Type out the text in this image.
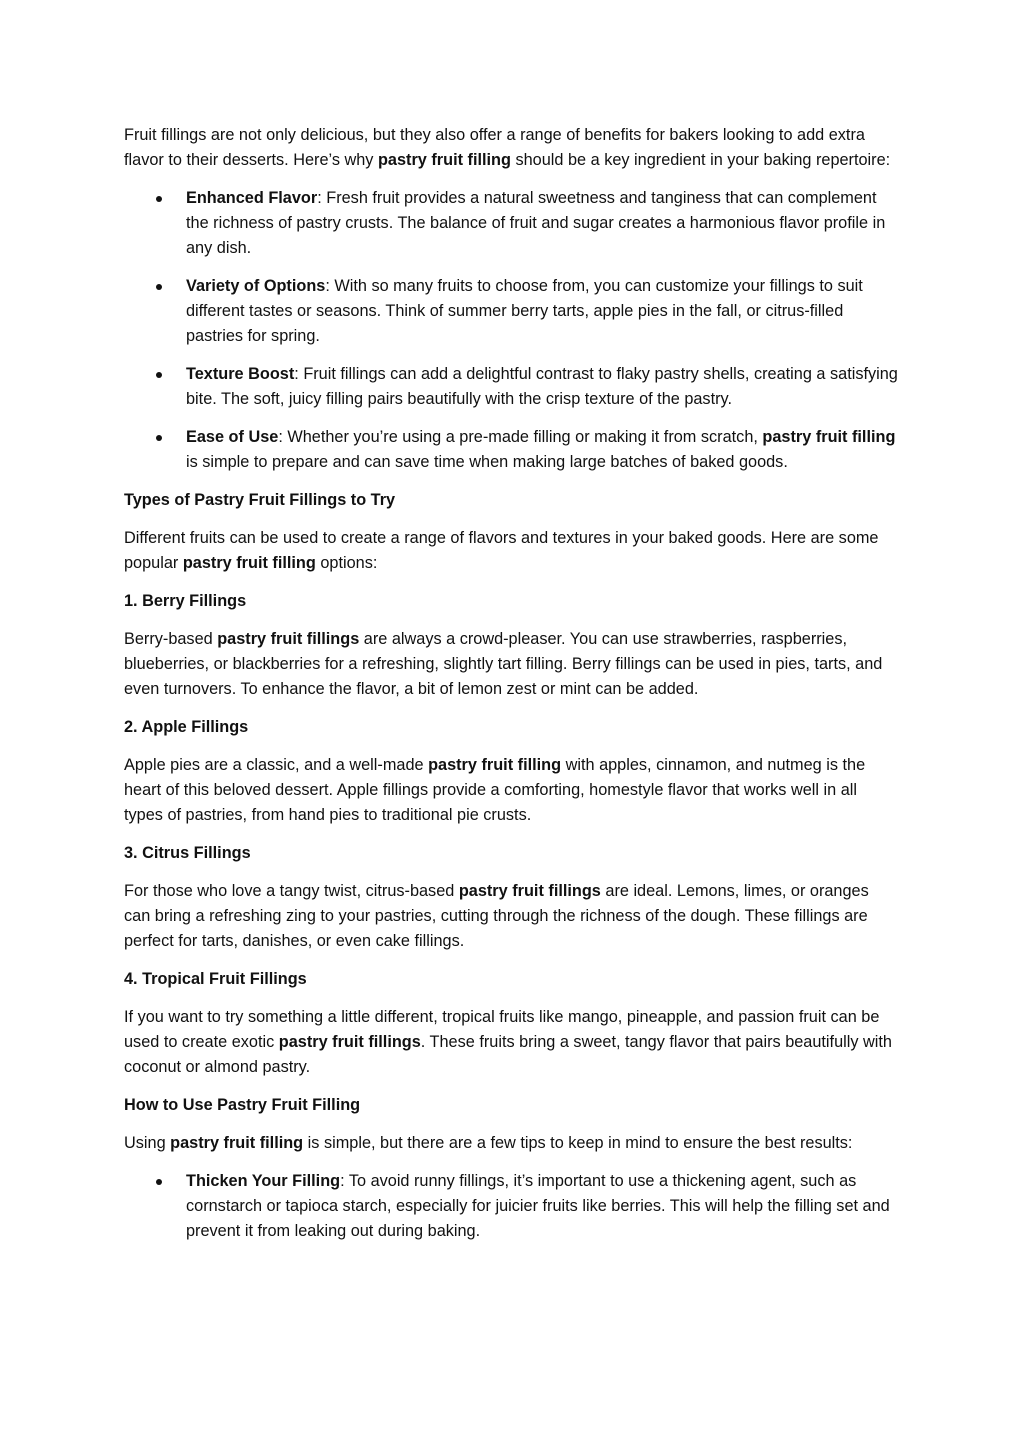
Fruit fillings are not only delicious, but they also offer a range of benefits for bakers looking to add extra flavor to their desserts. Here’s why pastry fruit filling should be a key ingredient in your baking repertoire:

Enhanced Flavor: Fresh fruit provides a natural sweetness and tanginess that can complement the richness of pastry crusts. The balance of fruit and sugar creates a harmonious flavor profile in any dish.
Variety of Options: With so many fruits to choose from, you can customize your fillings to suit different tastes or seasons. Think of summer berry tarts, apple pies in the fall, or citrus-filled pastries for spring.
Texture Boost: Fruit fillings can add a delightful contrast to flaky pastry shells, creating a satisfying bite. The soft, juicy filling pairs beautifully with the crisp texture of the pastry.
Ease of Use: Whether you’re using a pre-made filling or making it from scratch, pastry fruit filling is simple to prepare and can save time when making large batches of baked goods.

Types of Pastry Fruit Fillings to Try

Different fruits can be used to create a range of flavors and textures in your baked goods. Here are some popular pastry fruit filling options:

1. Berry Fillings

Berry-based pastry fruit fillings are always a crowd-pleaser. You can use strawberries, raspberries, blueberries, or blackberries for a refreshing, slightly tart filling. Berry fillings can be used in pies, tarts, and even turnovers. To enhance the flavor, a bit of lemon zest or mint can be added.

2. Apple Fillings

Apple pies are a classic, and a well-made pastry fruit filling with apples, cinnamon, and nutmeg is the heart of this beloved dessert. Apple fillings provide a comforting, homestyle flavor that works well in all types of pastries, from hand pies to traditional pie crusts.

3. Citrus Fillings

For those who love a tangy twist, citrus-based pastry fruit fillings are ideal. Lemons, limes, or oranges can bring a refreshing zing to your pastries, cutting through the richness of the dough. These fillings are perfect for tarts, danishes, or even cake fillings.

4. Tropical Fruit Fillings

If you want to try something a little different, tropical fruits like mango, pineapple, and passion fruit can be used to create exotic pastry fruit fillings. These fruits bring a sweet, tangy flavor that pairs beautifully with coconut or almond pastry.

How to Use Pastry Fruit Filling

Using pastry fruit filling is simple, but there are a few tips to keep in mind to ensure the best results:

Thicken Your Filling: To avoid runny fillings, it’s important to use a thickening agent, such as cornstarch or tapioca starch, especially for juicier fruits like berries. This will help the filling set and prevent it from leaking out during baking.
